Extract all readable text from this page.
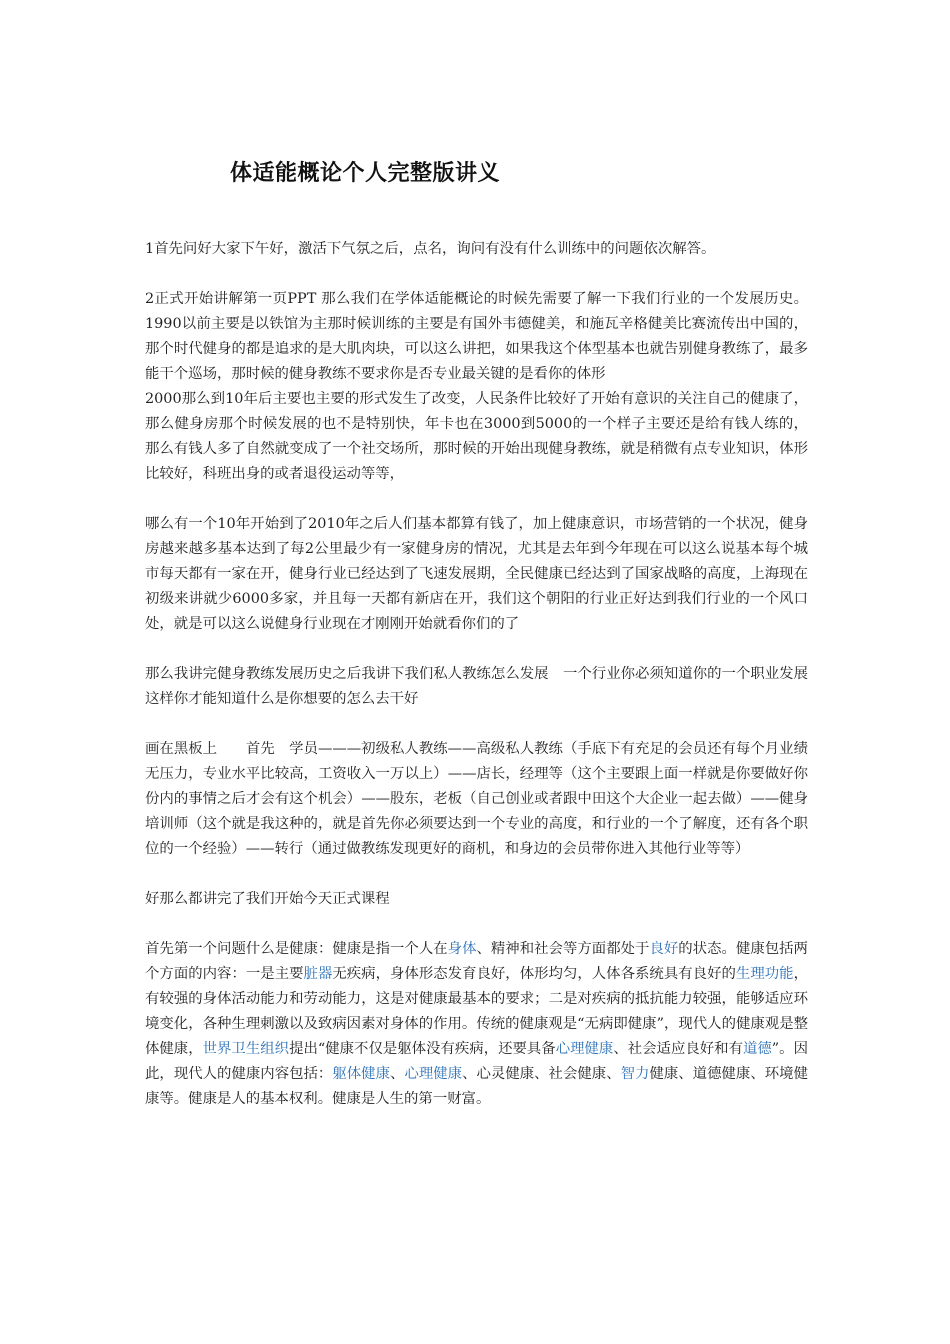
体适能概论个人完整版讲义

1首先问好大家下午好，激活下气氛之后，点名，询问有没有什么训练中的问题依次解答。

2正式开始讲解第一页PPT 那么我们在学体适能概论的时候先需要了解一下我们行业的一个发展历史。1990以前主要是以铁馆为主那时候训练的主要是有国外韦德健美，和施瓦辛格健美比赛流传出中国的，那个时代健身的都是追求的是大肌肉块，可以这么讲把，如果我这个体型基本也就告别健身教练了，最多能干个巡场，那时候的健身教练不要求你是否专业最关键的是看你的体形

2000那么到10年后主要也主要的形式发生了改变，人民条件比较好了开始有意识的关注自己的健康了，那么健身房那个时候发展的也不是特别快，年卡也在3000到5000的一个样子主要还是给有钱人练的，那么有钱人多了自然就变成了一个社交场所，那时候的开始出现健身教练，就是稍微有点专业知识，体形比较好，科班出身的或者退役运动等等，

哪么有一个10年开始到了2010年之后人们基本都算有钱了，加上健康意识，市场营销的一个状况，健身房越来越多基本达到了每2公里最少有一家健身房的情况，尤其是去年到今年现在可以这么说基本每个城市每天都有一家在开，健身行业已经达到了飞速发展期，全民健康已经达到了国家战略的高度，上海现在初级来讲就少6000多家，并且每一天都有新店在开，我们这个朝阳的行业正好达到我们行业的一个风口处，就是可以这么说健身行业现在才刚刚开始就看你们的了

那么我讲完健身教练发展历史之后我讲下我们私人教练怎么发展　一个行业你必须知道你的一个职业发展这样你才能知道什么是你想要的怎么去干好

画在黑板上　　首先　学员———初级私人教练——高级私人教练（手底下有充足的会员还有每个月业绩无压力，专业水平比较高，工资收入一万以上）——店长，经理等（这个主要跟上面一样就是你要做好你份内的事情之后才会有这个机会）——股东，老板（自己创业或者跟中田这个大企业一起去做）——健身培训师（这个就是我这种的，就是首先你必须要达到一个专业的高度，和行业的一个了解度，还有各个职位的一个经验）——转行（通过做教练发现更好的商机，和身边的会员带你进入其他行业等等）

好那么都讲完了我们开始今天正式课程

首先第一个问题什么是健康：健康是指一个人在身体、精神和社会等方面都处于良好的状态。健康包括两个方面的内容：一是主要脏器无疾病，身体形态发育良好，体形均匀，人体各系统具有良好的生理功能，有较强的身体活动能力和劳动能力，这是对健康最基本的要求；二是对疾病的抵抗能力较强，能够适应环境变化，各种生理刺激以及致病因素对身体的作用。传统的健康观是“无病即健康”，现代人的健康观是整体健康，世界卫生组织提出“健康不仅是躯体没有疾病，还要具备心理健康、社会适应良好和有道德”。因此，现代人的健康内容包括：躯体健康、心理健康、心灵健康、社会健康、智力健康、道德健康、环境健康等。健康是人的基本权利。健康是人生的第一财富。
